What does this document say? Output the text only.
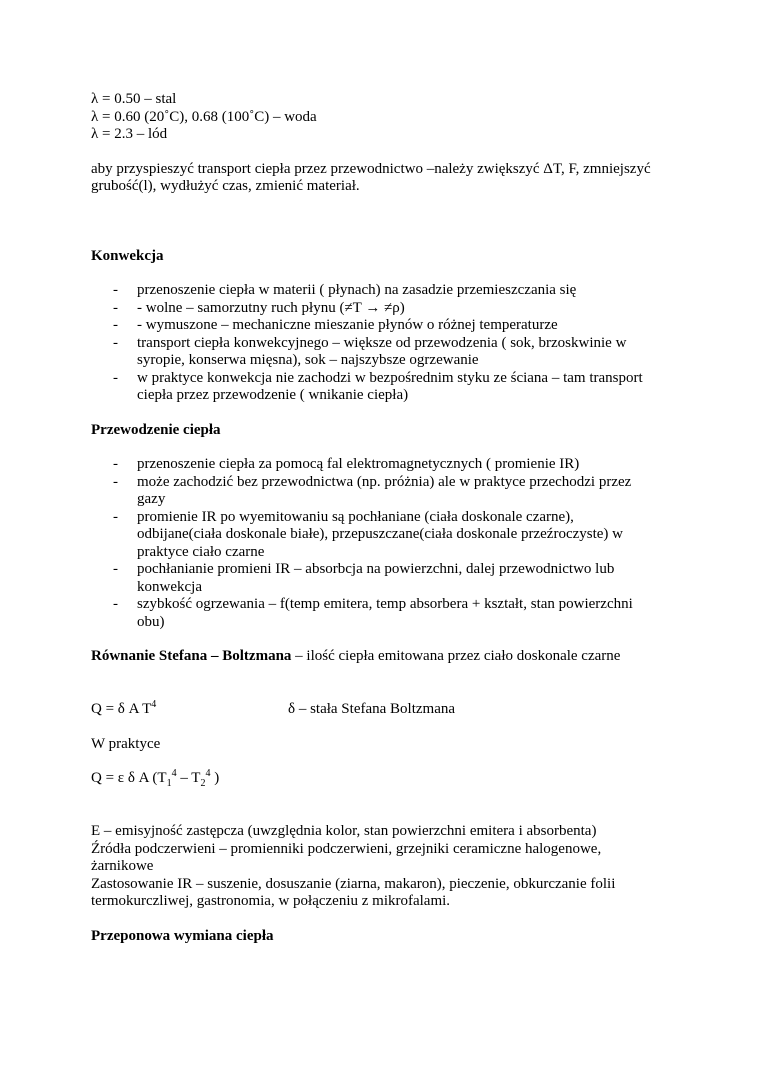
λ = 0.50 – stal
λ = 0.60 (20˚C), 0.68 (100˚C) – woda
λ = 2.3 – lód
aby przyspieszyć transport ciepła przez przewodnictwo –należy zwiększyć ΔT, F, zmniejszyć
grubość(l), wydłużyć czas, zmienić materiał.
Konwekcja
- przenoszenie ciepła w materii ( płynach) na zasadzie przemieszczania się
- - wolne – samorzutny ruch płynu (≠T → ≠ρ)
- - wymuszone – mechaniczne mieszanie płynów o różnej temperaturze
- transport ciepła konwekcyjnego – większe od przewodzenia ( sok, brzoskwinie w
syropie, konserwa mięsna), sok – najszybsze ogrzewanie
- w praktyce konwekcja nie zachodzi w bezpośrednim styku ze ściana – tam transport
ciepła przez przewodzenie ( wnikanie ciepła)
Przewodzenie ciepła
- przenoszenie ciepła za pomocą fal elektromagnetycznych ( promienie IR)
- może zachodzić bez przewodnictwa (np. próżnia) ale w praktyce przechodzi przez
gazy
- promienie IR po wyemitowaniu są pochłaniane (ciała doskonale czarne),
odbijane(ciała doskonale białe), przepuszczane(ciała doskonale przeźroczyste) w
praktyce ciało czarne
- pochłanianie promieni IR – absorbcja na powierzchni, dalej przewodnictwo lub
konwekcja
- szybkość ogrzewania – f(temp emitera, temp absorbera + kształt, stan powierzchni
obu)
Równanie Stefana – Boltzmana – ilość ciepła emitowana przez ciało doskonale czarne
Q = δ A $T^4$	δ – stała Stefana Boltzmana
W praktyce
Q = ε δ A ($T_1^4 - T_2^4$ )
E – emisyjność zastępcza (uwzględnia kolor, stan powierzchni emitera i absorbenta)
Źródła podczerwieni – promienniki podczerwieni, grzejniki ceramiczne halogenowe,
żarnikowe
Zastosowanie IR – suszenie, dosuszanie (ziarna, makaron), pieczenie, obkurczanie folii
termokurczliwej, gastronomia, w połączeniu z mikrofalami.
Przeponowa wymiana ciepła
